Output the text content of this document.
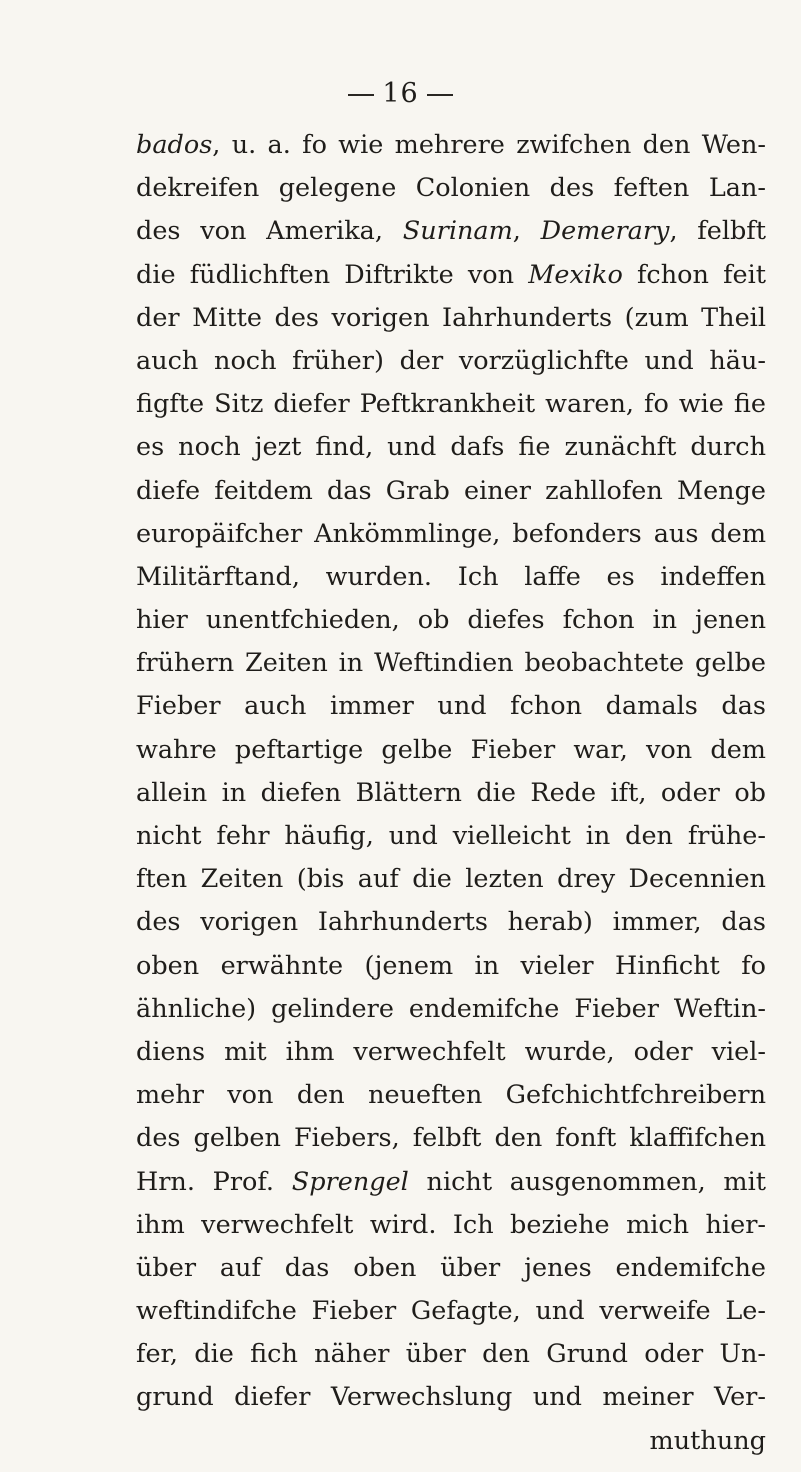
16
bados, u. a. fo wie mehrere zwifchen den Wen-
dekreifen gelegene Colonien des feften Lan-
des von Amerika, Surinam, Demerary, felbft
die füdlichften Diftrikte von Mexiko fchon feit
der Mitte des vorigen Iahrhunderts (zum Theil
auch noch früher) der vorzüglichfte und häu-
figfte Sitz diefer Peftkrankheit waren, fo wie fie
es noch jezt find, und dafs fie zunächft durch
diefe feitdem das Grab einer zahllofen Menge
europäifcher Ankömmlinge, befonders aus dem
Militärftand, wurden. Ich laffe es indeffen
hier unentfchieden, ob diefes fchon in jenen
frühern Zeiten in Weftindien beobachtete gelbe
Fieber auch immer und fchon damals das
wahre peftartige gelbe Fieber war, von dem
allein in diefen Blättern die Rede ift, oder ob
nicht fehr häufig, und vielleicht in den frühe-
ften Zeiten (bis auf die lezten drey Decennien
des vorigen Iahrhunderts herab) immer, das
oben erwähnte (jenem in vieler Hinficht fo
ähnliche) gelindere endemifche Fieber Weftin-
diens mit ihm verwechfelt wurde, oder viel-
mehr von den neueften Gefchichtfchreibern
des gelben Fiebers, felbft den fonft klaffifchen
Hrn. Prof. Sprengel nicht ausgenommen, mit
ihm verwechfelt wird. Ich beziehe mich hier-
über auf das oben über jenes endemifche
weftindifche Fieber Gefagte, und verweife Le-
fer, die fich näher über den Grund oder Un-
grund diefer Verwechslung und meiner Ver-
muthung
